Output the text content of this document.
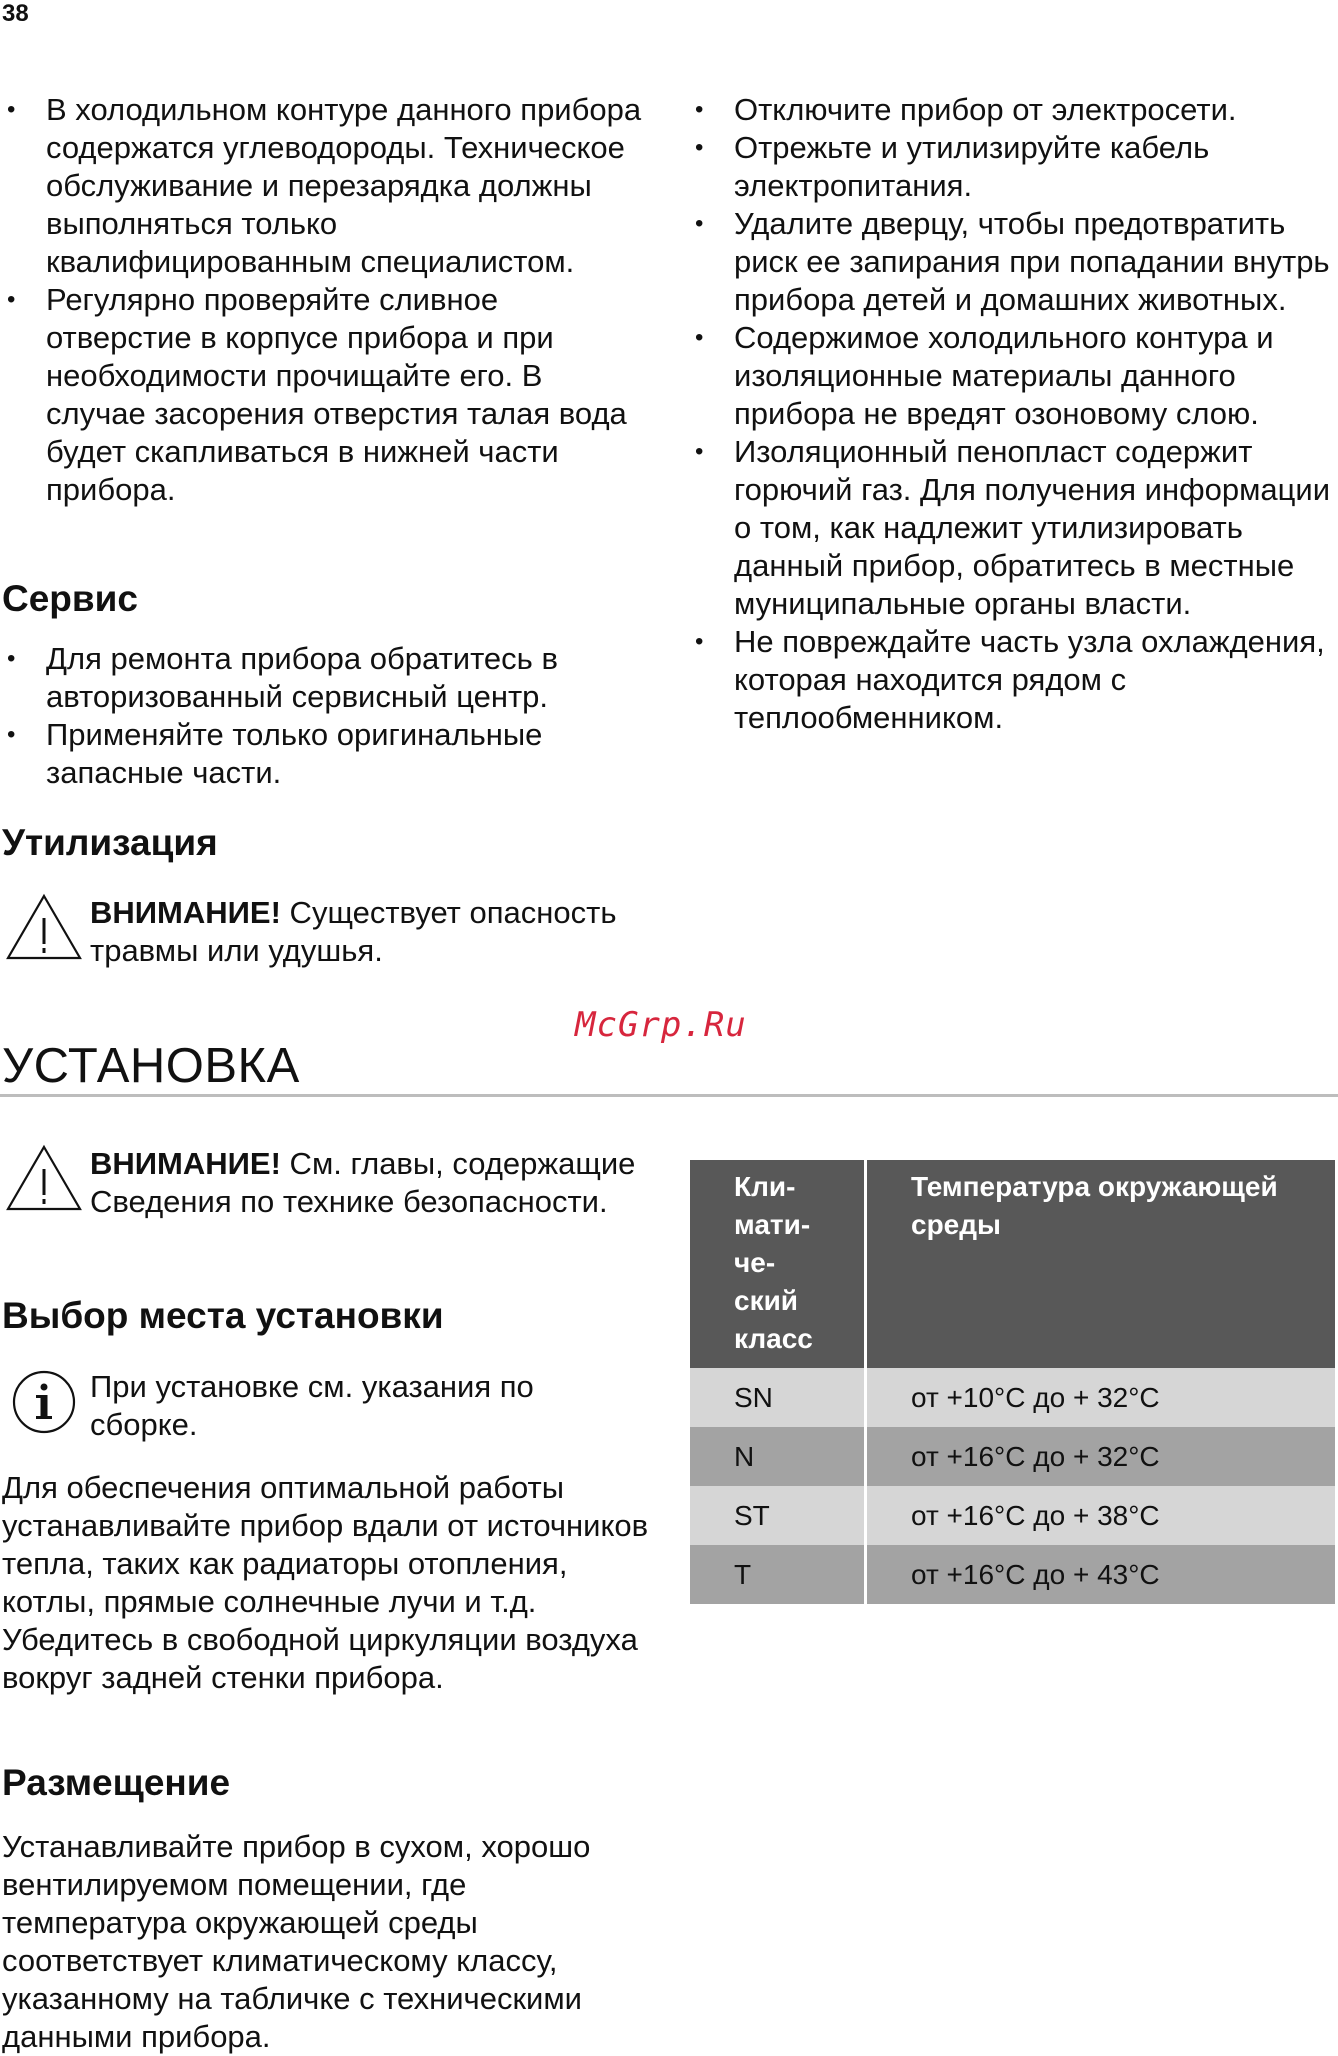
38
• В холодильном контуре данного прибора содержатся углеводороды. Техническое обслуживание и перезарядка должны выполняться только квалифицированным специалистом.
• Регулярно проверяйте сливное отверстие в корпусе прибора и при необходимости прочищайте его. В случае засорения отверстия талая вода будет скапливаться в нижней части прибора.
Сервис
• Для ремонта прибора обратитесь в авторизованный сервисный центр.
• Применяйте только оригинальные запасные части.
Утилизация
ВНИМАНИЕ! Существует опасность травмы или удушья.
• Отключите прибор от электросети.
• Отрежьте и утилизируйте кабель электропитания.
• Удалите дверцу, чтобы предотвратить риск ее запирания при попадании внутрь прибора детей и домашних животных.
• Содержимое холодильного контура и изоляционные материалы данного прибора не вредят озоновому слою.
• Изоляционный пенопласт содержит горючий газ. Для получения информации о том, как надлежит утилизировать данный прибор, обратитесь в местные муниципальные органы власти.
• Не повреждайте часть узла охлаждения, которая находится рядом с теплообменником.
McGrp.Ru
УСТАНОВКА
ВНИМАНИЕ! См. главы, содержащие Сведения по технике безопасности.
Выбор места установки
При установке см. указания по сборке.

Для обеспечения оптимальной работы устанавливайте прибор вдали от источников тепла, таких как радиаторы отопления, котлы, прямые солнечные лучи и т.д. Убедитесь в свободной циркуляции воздуха вокруг задней стенки прибора.

Размещение

Устанавливайте прибор в сухом, хорошо вентилируемом помещении, где температура окружающей среды соответствует климатическому классу, указанному на табличке с техническими данными прибора.

Кли-
мати-
че-
ский
класс	Температура окружающей среды
SN	от +10°C до + 32°C
N	от +16°C до + 32°C
ST	от +16°C до + 38°C
T	от +16°C до + 43°C
